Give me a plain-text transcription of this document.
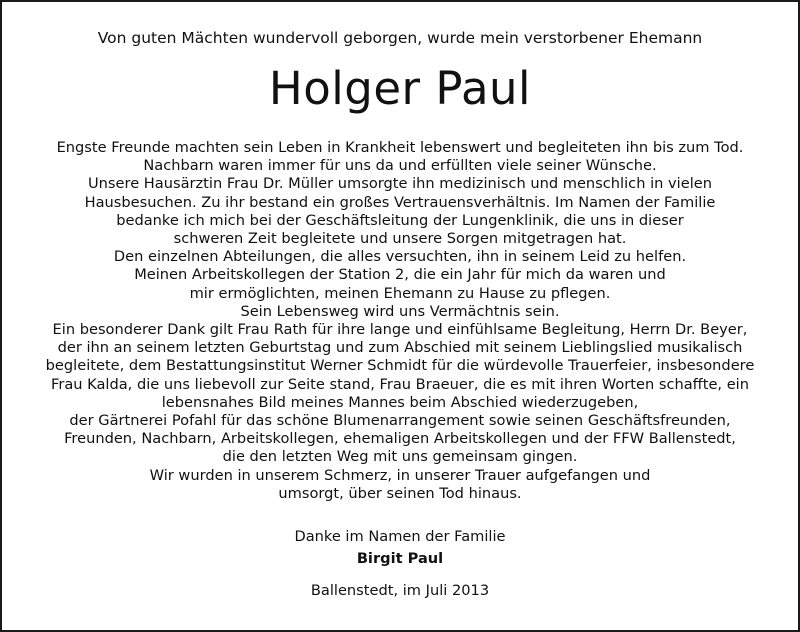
Von guten Mächten wundervoll geborgen, wurde mein verstorbener Ehemann
Holger Paul
Engste Freunde machten sein Leben in Krankheit lebenswert und begleiteten ihn bis zum Tod.
Nachbarn waren immer für uns da und erfüllten viele seiner Wünsche.
Unsere Hausärztin Frau Dr. Müller umsorgte ihn medizinisch und menschlich in vielen
Hausbesuchen. Zu ihr bestand ein großes Vertrauensverhältnis. Im Namen der Familie
bedanke ich mich bei der Geschäftsleitung der Lungenklinik, die uns in dieser
schweren Zeit begleitete und unsere Sorgen mitgetragen hat.
Den einzelnen Abteilungen, die alles versuchten, ihn in seinem Leid zu helfen.
Meinen Arbeitskollegen der Station 2, die ein Jahr für mich da waren und
mir ermöglichten, meinen Ehemann zu Hause zu pflegen.
Sein Lebensweg wird uns Vermächtnis sein.
Ein besonderer Dank gilt Frau Rath für ihre lange und einfühlsame Begleitung, Herrn Dr. Beyer,
der ihn an seinem letzten Geburtstag und zum Abschied mit seinem Lieblingslied musikalisch
begleitete, dem Bestattungsinstitut Werner Schmidt für die würdevolle Trauerfeier, insbesondere
Frau Kalda, die uns liebevoll zur Seite stand, Frau Braeuer, die es mit ihren Worten schaffte, ein
lebensnahes Bild meines Mannes beim Abschied wiederzugeben,
der Gärtnerei Pofahl für das schöne Blumenarrangement sowie seinen Geschäftsfreunden,
Freunden, Nachbarn, Arbeitskollegen, ehemaligen Arbeitskollegen und der FFW Ballenstedt,
die den letzten Weg mit uns gemeinsam gingen.
Wir wurden in unserem Schmerz, in unserer Trauer aufgefangen und
umsorgt, über seinen Tod hinaus.
Danke im Namen der Familie
Birgit Paul
Ballenstedt, im Juli 2013
